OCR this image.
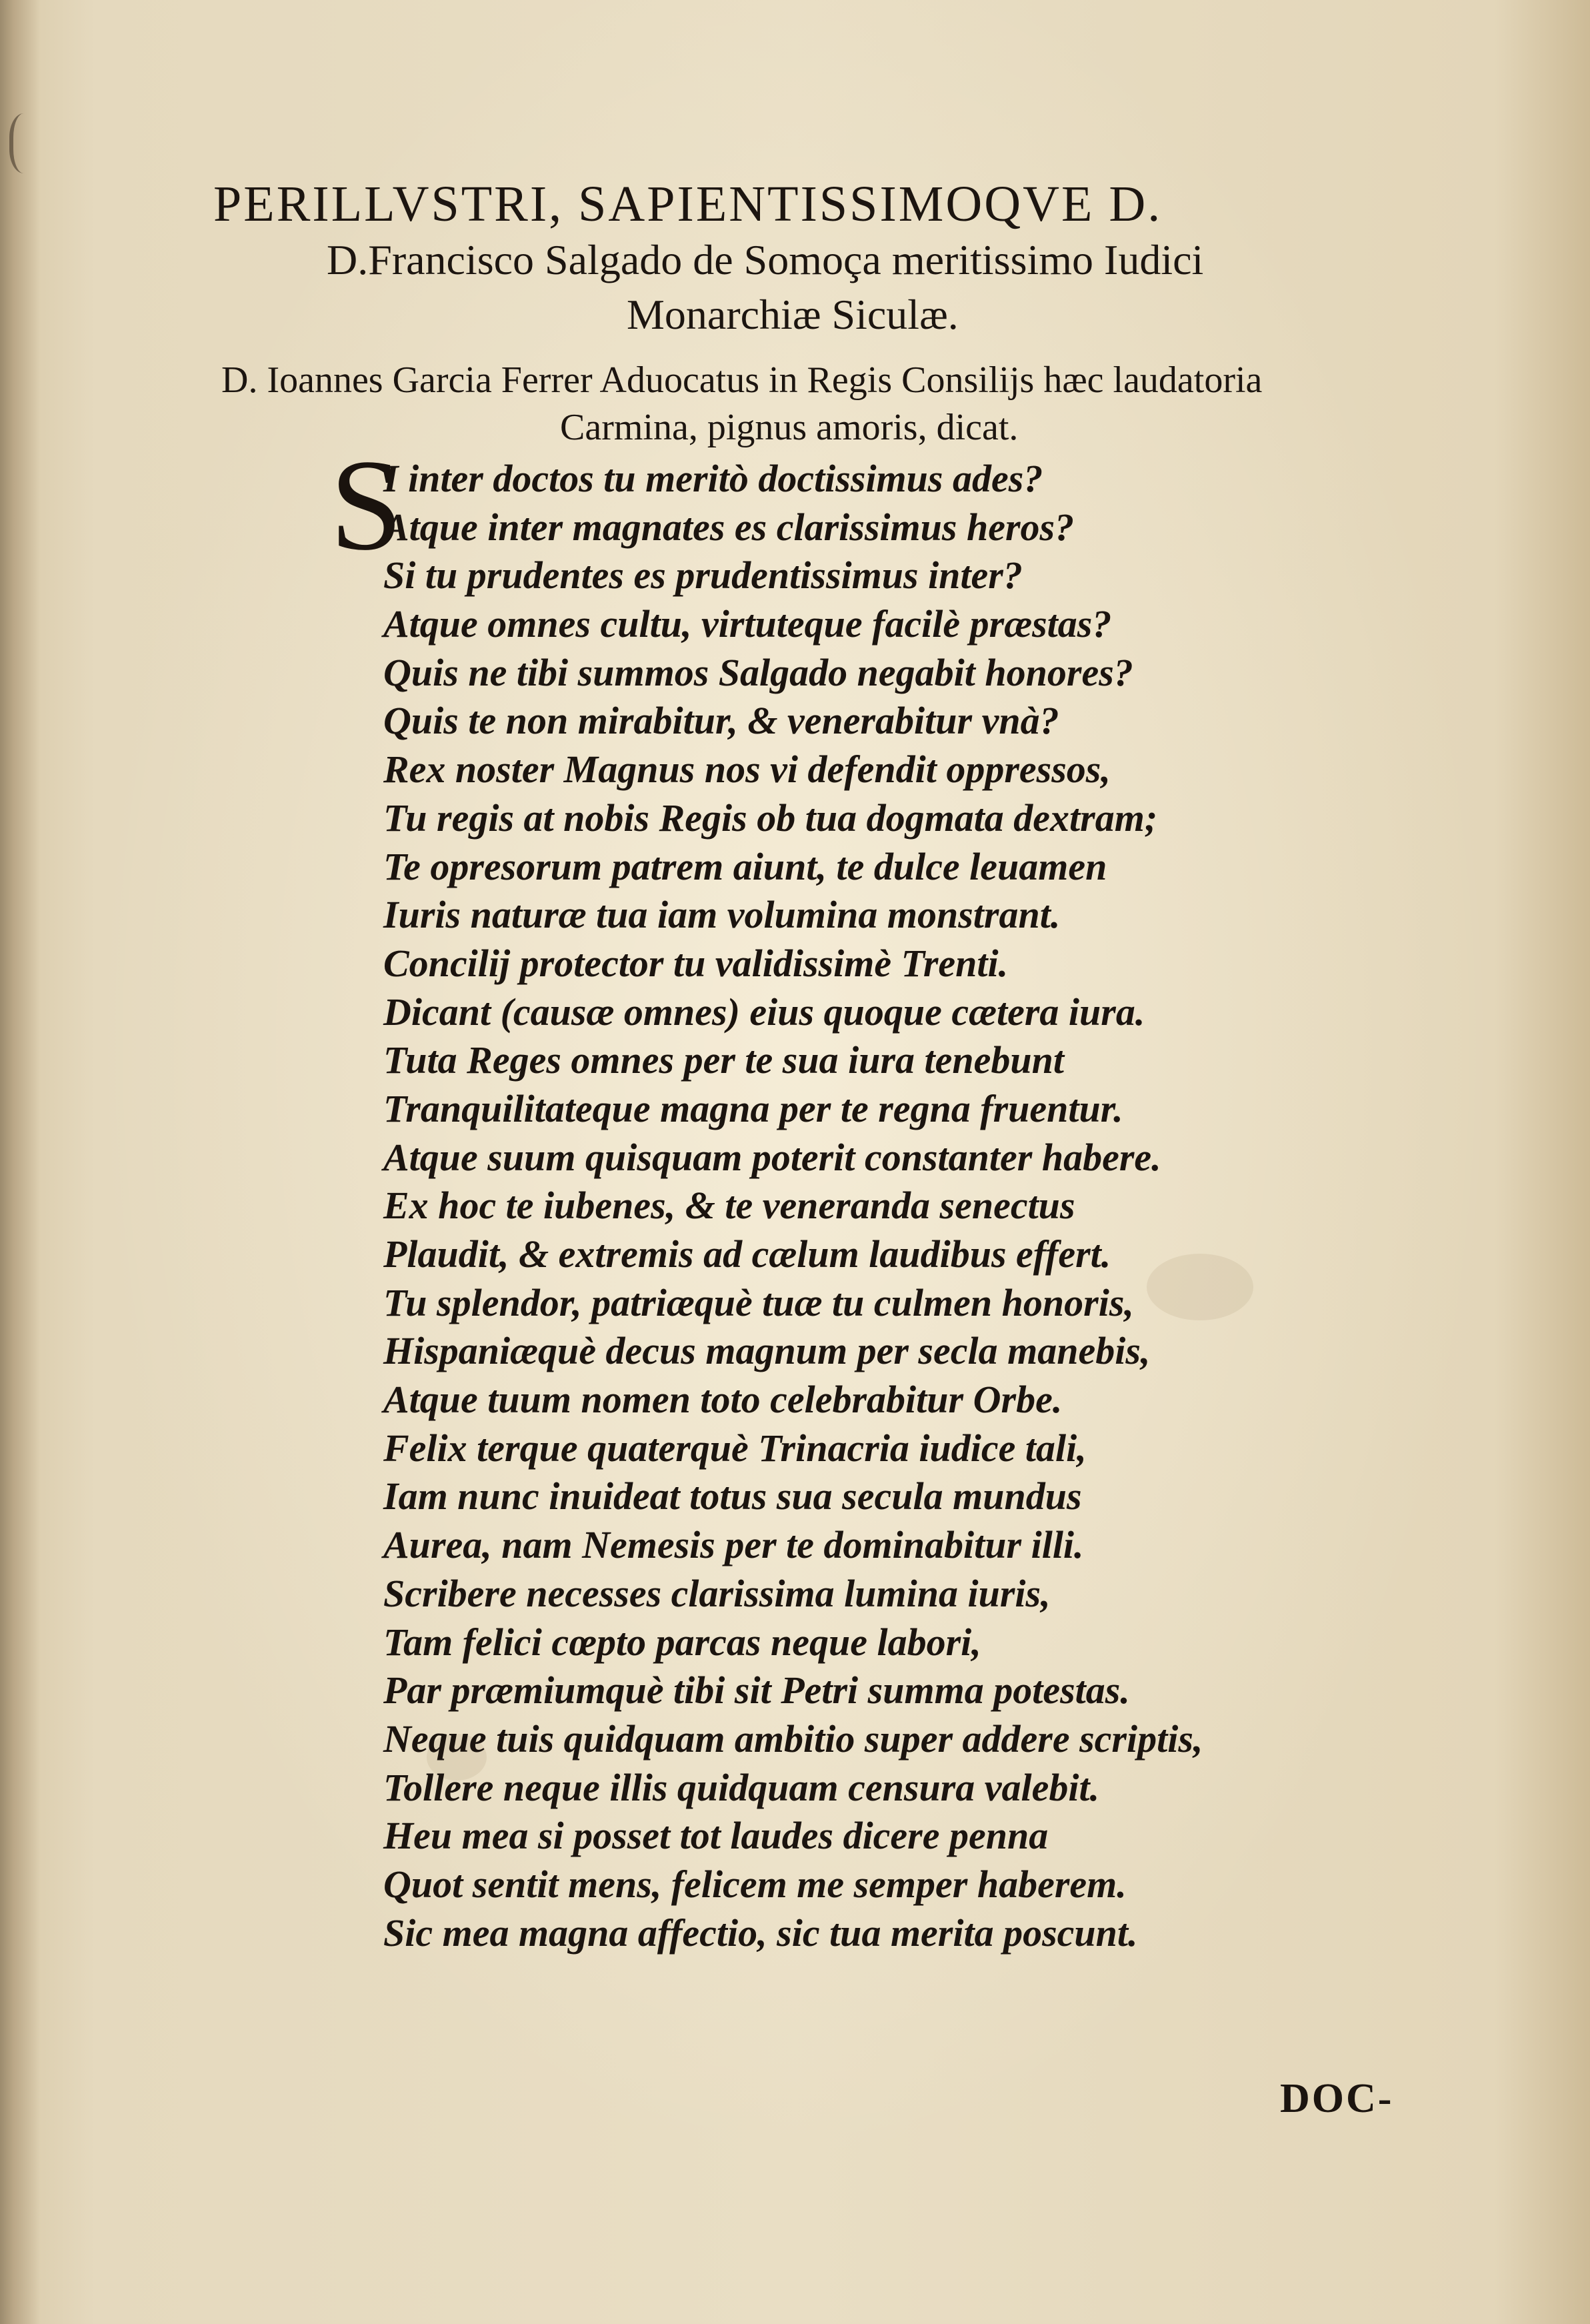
PERILLVSTRI, SAPIENTISSIMOQVE D.
D.Francisco Salgado de Somoça meritissimo Iudici
Monarchiæ Siculæ.
D. Ioannes Garcia Ferrer Aduocatus in Regis Consilijs hæc laudatoria
Carmina, pignus amoris, dicat.
S
I inter doctos tu meritò doctissimus ades?
Atque inter magnates es clarissimus heros?
Si tu prudentes es prudentissimus inter?
Atque omnes cultu, virtuteque facilè præstas?
Quis ne tibi summos Salgado negabit honores?
Quis te non mirabitur, & venerabitur vnà?
Rex noster Magnus nos vi defendit oppressos,
Tu regis at nobis Regis ob tua dogmata dextram;
Te opresorum patrem aiunt, te dulce leuamen
Iuris naturæ tua iam volumina monstrant.
Concilij protector tu validissimè Trenti.
Dicant (causæ omnes) eius quoque cætera iura.
Tuta Reges omnes per te sua iura tenebunt
Tranquilitateque magna per te regna fruentur.
Atque suum quisquam poterit constanter habere.
Ex hoc te iubenes, & te veneranda senectus
Plaudit, & extremis ad cælum laudibus effert.
Tu splendor, patriæquè tuæ tu culmen honoris,
Hispaniæquè decus magnum per secla manebis,
Atque tuum nomen toto celebrabitur Orbe.
Felix terque quaterquè Trinacria iudice tali,
Iam nunc inuideat totus sua secula mundus
Aurea, nam Nemesis per te dominabitur illi.
Scribere necesses clarissima lumina iuris,
Tam felici cœpto parcas neque labori,
Par præmiumquè tibi sit Petri summa potestas.
Neque tuis quidquam ambitio super addere scriptis,
Tollere neque illis quidquam censura valebit.
Heu mea si posset tot laudes dicere penna
Quot sentit mens, felicem me semper haberem.
Sic mea magna affectio, sic tua merita poscunt.
DOC-
